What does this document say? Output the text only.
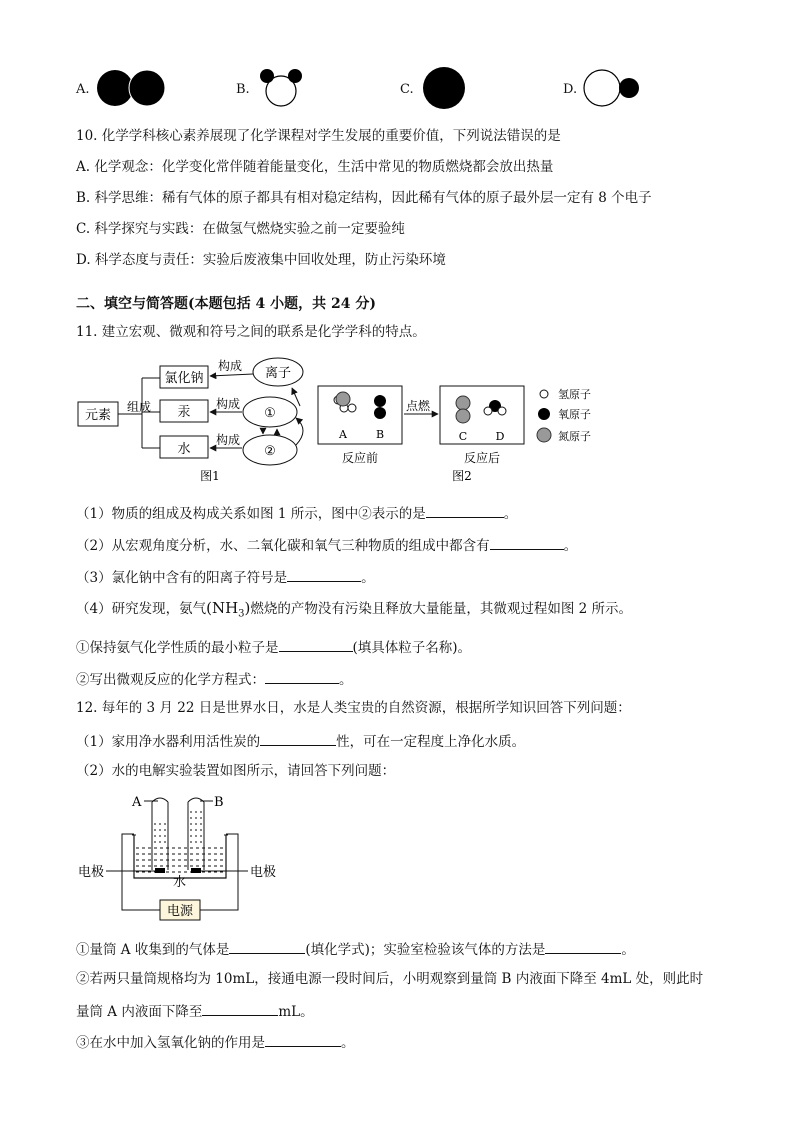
A.	B.	C.	D.
10. 化学学科核心素养展现了化学课程对学生发展的重要价值，下列说法错误的是
A. 化学观念：化学变化常伴随着能量变化，生活中常见的物质燃烧都会放出热量
B. 科学思维：稀有气体的原子都具有相对稳定结构，因此稀有气体的原子最外层一定有 8 个电子
C. 科学探究与实践：在做氢气燃烧实验之前一定要验纯
D. 科学态度与责任：实验后废液集中回收处理，防止污染环境
二、填空与简答题(本题包括 4 小题，共 24 分)
11. 建立宏观、微观和符号之间的联系是化学学科的特点。
元素
组成
氯化钠
汞
水
离子
①
②
构成
构成
构成
图1
A	B
反应前
点燃
C	D
反应后
图2
氢原子
氧原子
氮原子
（1）物质的组成及构成关系如图 1 所示，图中②表示的是	。
（2）从宏观角度分析，水、二氧化碳和氧气三种物质的组成中都含有	。
（3）氯化钠中含有的阳离子符号是	。
（4）研究发现，氨气$(NH_3)$燃烧的产物没有污染且释放大量能量，其微观过程如图 2 所示。
①保持氨气化学性质的最小粒子是	(填具体粒子名称)。
②写出微观反应的化学方程式：	。
12. 每年的 3 月 22 日是世界水日，水是人类宝贵的自然资源，根据所学知识回答下列问题：
（1）家用净水器利用活性炭的	性，可在一定程度上净化水质。
（2）水的电解实验装置如图所示，请回答下列问题：
A	B
电极	电极
水
电源
①量筒 A 收集到的气体是	(填化学式)；实验室检验该气体的方法是	。
②若两只量筒规格均为 10mL，接通电源一段时间后，小明观察到量筒 B 内液面下降至 4mL 处，则此时
量筒 A 内液面下降至	mL。
③在水中加入氢氧化钠的作用是	。
